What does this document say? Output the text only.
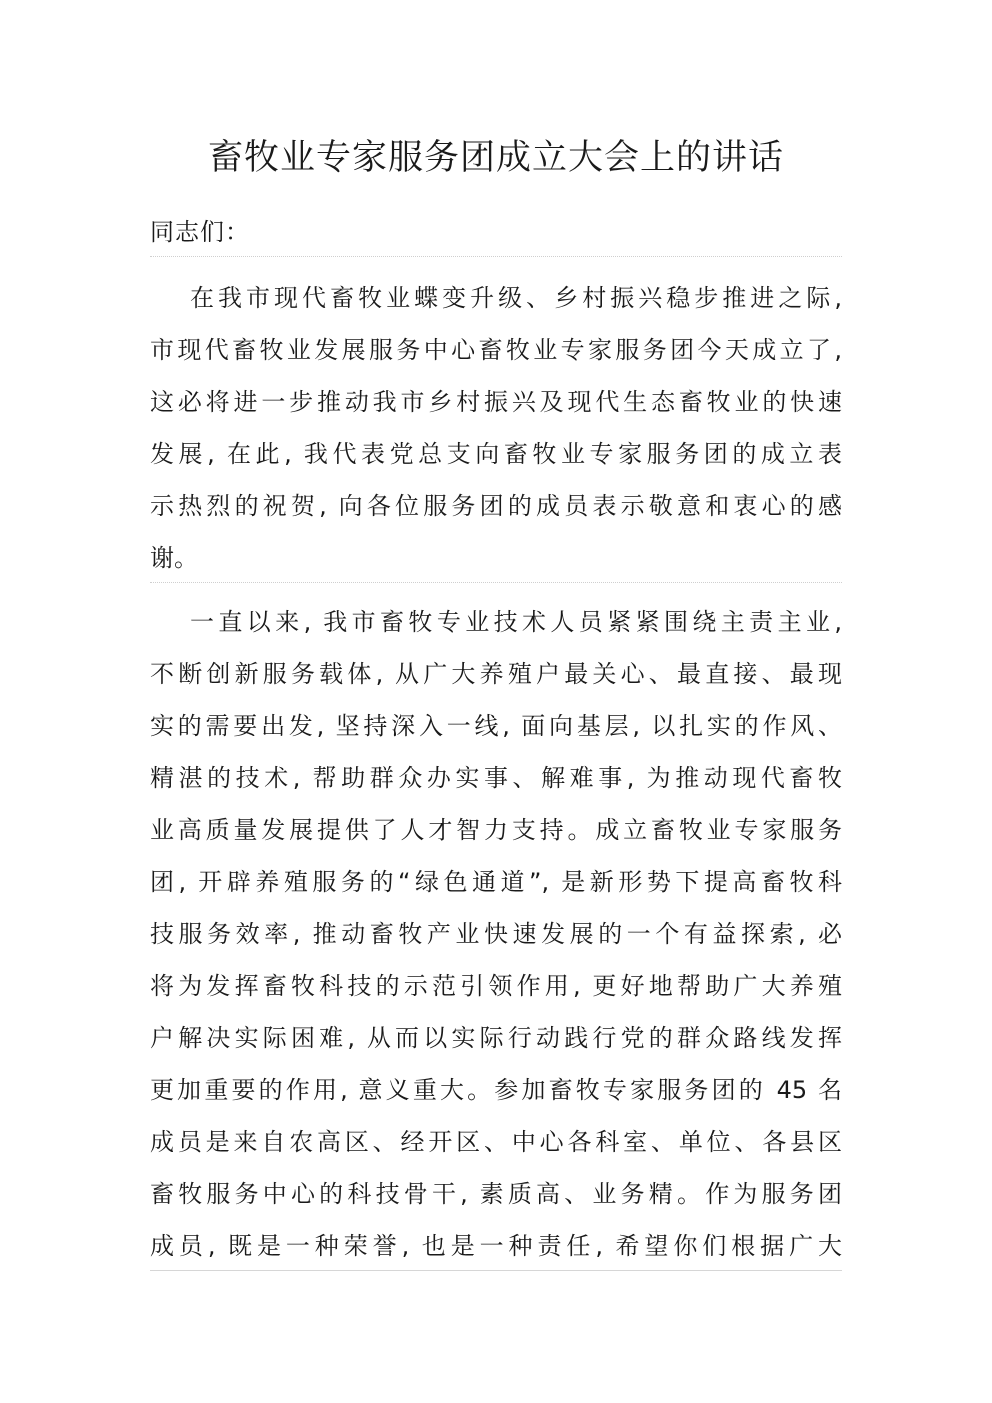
畜牧业专家服务团成立大会上的讲话
同志们：
在我市现代畜牧业蝶变升级、乡村振兴稳步推进之际,
市现代畜牧业发展服务中心畜牧业专家服务团今天成立了,
这必将进一步推动我市乡村振兴及现代生态畜牧业的快速
发展, 在此, 我代表党总支向畜牧业专家服务团的成立表
示热烈的祝贺, 向各位服务团的成员表示敬意和衷心的感
谢。
一直以来, 我市畜牧专业技术人员紧紧围绕主责主业,
不断创新服务载体, 从广大养殖户最关心、最直接、最现
实的需要出发, 坚持深入一线, 面向基层, 以扎实的作风、
精湛的技术, 帮助群众办实事、解难事, 为推动现代畜牧
业高质量发展提供了人才智力支持。成立畜牧业专家服务
团, 开辟养殖服务的“绿色通道”, 是新形势下提高畜牧科
技服务效率, 推动畜牧产业快速发展的一个有益探索, 必
将为发挥畜牧科技的示范引领作用, 更好地帮助广大养殖
户解决实际困难, 从而以实际行动践行党的群众路线发挥
更加重要的作用, 意义重大。参加畜牧专家服务团的 45 名
成员是来自农高区、经开区、中心各科室、单位、各县区
畜牧服务中心的科技骨干, 素质高、业务精。作为服务团
成员, 既是一种荣誉, 也是一种责任, 希望你们根据广大
